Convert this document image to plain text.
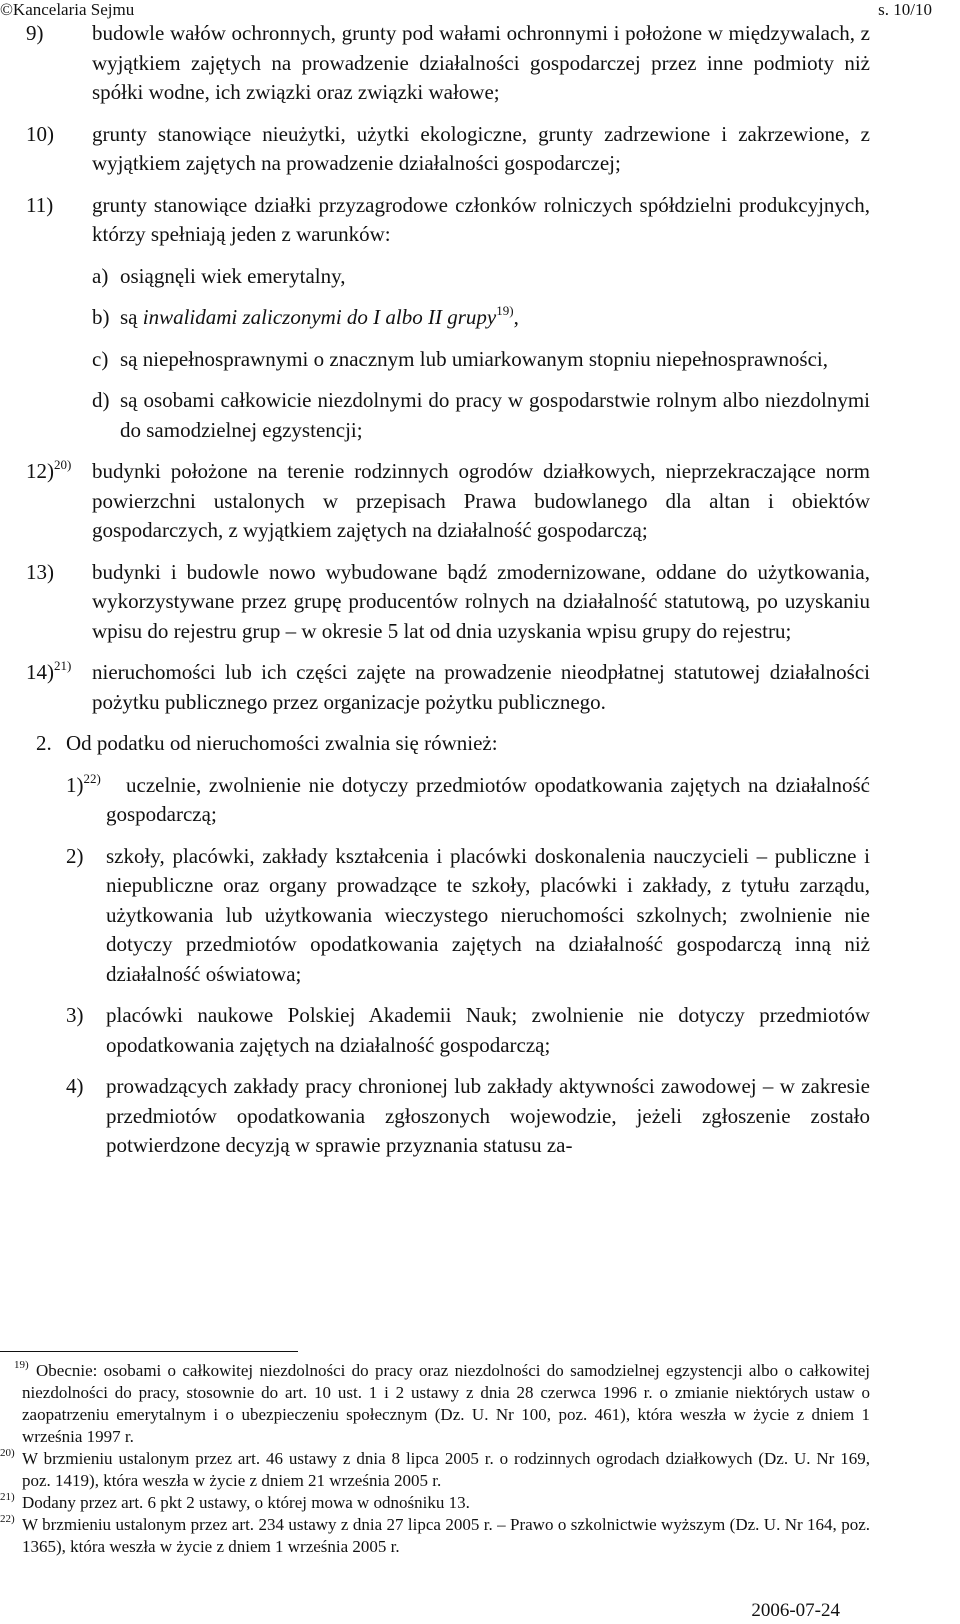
©Kancelaria Sejmu	s. 10/10
9) budowle wałów ochronnych, grunty pod wałami ochronnymi i położone w międzywalach, z wyjątkiem zajętych na prowadzenie działalności gospodarczej przez inne podmioty niż spółki wodne, ich związki oraz związki wałowe;
10) grunty stanowiące nieużytki, użytki ekologiczne, grunty zadrzewione i zakrzewione, z wyjątkiem zajętych na prowadzenie działalności gospodarczej;
11) grunty stanowiące działki przyzagrodowe członków rolniczych spółdzielni produkcyjnych, którzy spełniają jeden z warunków:
a) osiągnęli wiek emerytalny,
b) są inwalidami zaliczonymi do I albo II grupy$^{19)}$,
c) są niepełnosprawnymi o znacznym lub umiarkowanym stopniu niepełnosprawności,
d) są osobami całkowicie niezdolnymi do pracy w gospodarstwie rolnym albo niezdolnymi do samodzielnej egzystencji;
12)$^{20)}$ budynki położone na terenie rodzinnych ogrodów działkowych, nieprzekraczające norm powierzchni ustalonych w przepisach Prawa budowlanego dla altan i obiektów gospodarczych, z wyjątkiem zajętych na działalność gospodarczą;
13) budynki i budowle nowo wybudowane bądź zmodernizowane, oddane do użytkowania, wykorzystywane przez grupę producentów rolnych na działalność statutową, po uzyskaniu wpisu do rejestru grup – w okresie 5 lat od dnia uzyskania wpisu grupy do rejestru;
14)$^{21)}$ nieruchomości lub ich części zajęte na prowadzenie nieodpłatnej statutowej działalności pożytku publicznego przez organizacje pożytku publicznego.
2. Od podatku od nieruchomości zwalnia się również:
1)$^{22)}$ uczelnie, zwolnienie nie dotyczy przedmiotów opodatkowania zajętych na działalność gospodarczą;
2) szkoły, placówki, zakłady kształcenia i placówki doskonalenia nauczycieli – publiczne i niepubliczne oraz organy prowadzące te szkoły, placówki i zakłady, z tytułu zarządu, użytkowania lub użytkowania wieczystego nieruchomości szkolnych; zwolnienie nie dotyczy przedmiotów opodatkowania zajętych na działalność gospodarczą inną niż działalność oświatowa;
3) placówki naukowe Polskiej Akademii Nauk; zwolnienie nie dotyczy przedmiotów opodatkowania zajętych na działalność gospodarczą;
4) prowadzących zakłady pracy chronionej lub zakłady aktywności zawodowej – w zakresie przedmiotów opodatkowania zgłoszonych wojewodzie, jeżeli zgłoszenie zostało potwierdzone decyzją w sprawie przyznania statusu za-
19) Obecnie: osobami o całkowitej niezdolności do pracy oraz niezdolności do samodzielnej egzystencji albo o całkowitej niezdolności do pracy, stosownie do art. 10 ust. 1 i 2 ustawy z dnia 28 czerwca 1996 r. o zmianie niektórych ustaw o zaopatrzeniu emerytalnym i o ubezpieczeniu społecznym (Dz. U. Nr 100, poz. 461), która weszła w życie z dniem 1 września 1997 r.
20) W brzmieniu ustalonym przez art. 46 ustawy z dnia 8 lipca 2005 r. o rodzinnych ogrodach działkowych (Dz. U. Nr 169, poz. 1419), która weszła w życie z dniem 21 września 2005 r.
21) Dodany przez art. 6 pkt 2 ustawy, o której mowa w odnośniku 13.
22) W brzmieniu ustalonym przez art. 234 ustawy z dnia 27 lipca 2005 r. – Prawo o szkolnictwie wyższym (Dz. U. Nr 164, poz. 1365), która weszła w życie z dniem 1 września 2005 r.
2006-07-24
